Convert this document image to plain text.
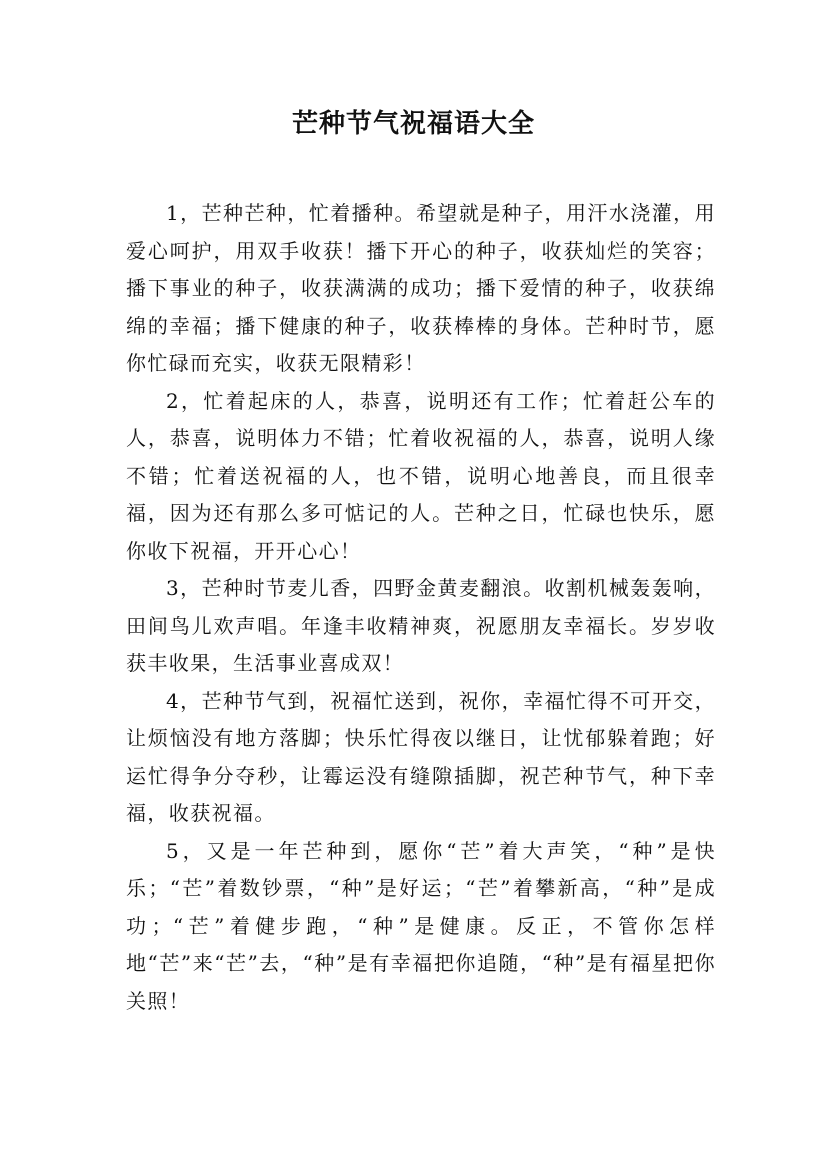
芒种节气祝福语大全

1，芒种芒种，忙着播种。希望就是种子，用汗水浇灌，用爱心呵护，用双手收获！播下开心的种子，收获灿烂的笑容；播下事业的种子，收获满满的成功；播下爱情的种子，收获绵绵的幸福；播下健康的种子，收获棒棒的身体。芒种时节，愿你忙碌而充实，收获无限精彩！

2，忙着起床的人，恭喜，说明还有工作；忙着赶公车的人，恭喜，说明体力不错；忙着收祝福的人，恭喜，说明人缘不错；忙着送祝福的人，也不错，说明心地善良，而且很幸福，因为还有那么多可惦记的人。芒种之日，忙碌也快乐，愿你收下祝福，开开心心！

3，芒种时节麦儿香，四野金黄麦翻浪。收割机械轰轰响，田间鸟儿欢声唱。年逢丰收精神爽，祝愿朋友幸福长。岁岁收获丰收果，生活事业喜成双！

4，芒种节气到，祝福忙送到，祝你，幸福忙得不可开交，让烦恼没有地方落脚；快乐忙得夜以继日，让忧郁躲着跑；好运忙得争分夺秒，让霉运没有缝隙插脚，祝芒种节气，种下幸福，收获祝福。

5，又是一年芒种到，愿你“芒”着大声笑，“种”是快乐；“芒”着数钞票，“种”是好运；“芒”着攀新高，“种”是成功；“芒”着健步跑，“种”是健康。反正，不管你怎样地“芒”来“芒”去，“种”是有幸福把你追随，“种”是有福星把你关照！
